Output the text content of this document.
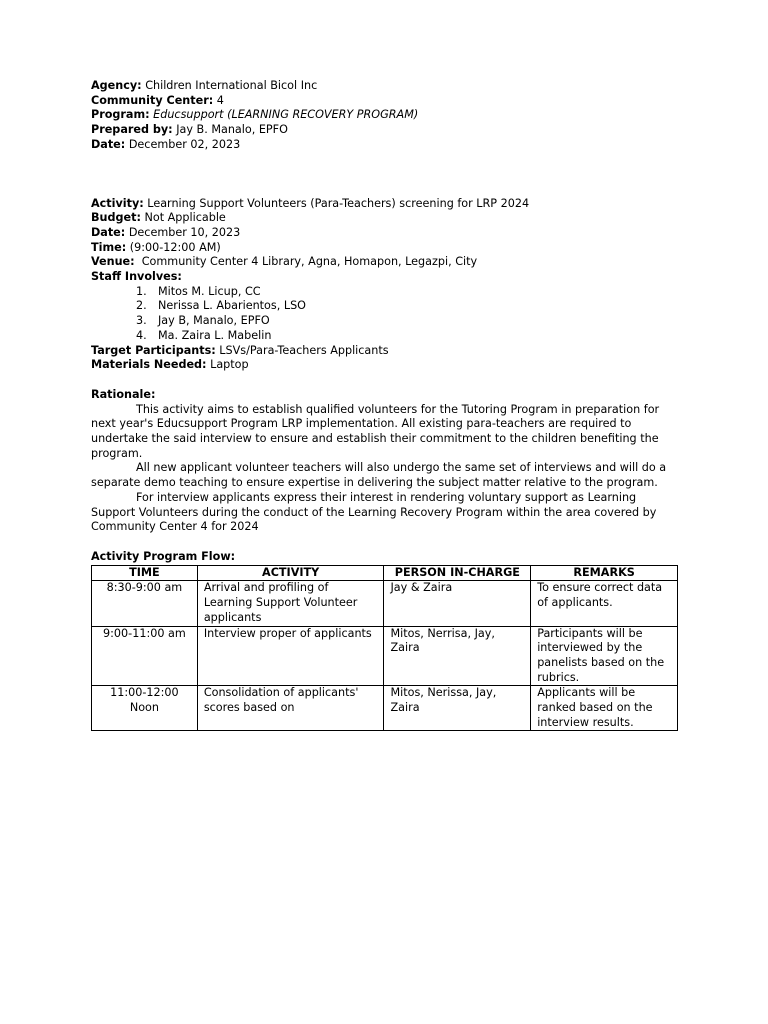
Agency: Children International Bicol Inc
Community Center: 4
Program: Educsupport (LEARNING RECOVERY PROGRAM)
Prepared by: Jay B. Manalo, EPFO
Date: December 02, 2023
Activity: Learning Support Volunteers (Para-Teachers) screening for LRP 2024
Budget: Not Applicable
Date: December 10, 2023
Time: (9:00-12:00 AM)
Venue: Community Center 4 Library, Agna, Homapon, Legazpi, City
Staff Involves:
1. Mitos M. Licup, CC
2. Nerissa L. Abarientos, LSO
3. Jay B, Manalo, EPFO
4. Ma. Zaira L. Mabelin
Target Participants: LSVs/Para-Teachers Applicants
Materials Needed: Laptop
Rationale:

This activity aims to establish qualified volunteers for the Tutoring Program in preparation for next year's Educsupport Program LRP implementation. All existing para-teachers are required to undertake the said interview to ensure and establish their commitment to the children benefiting the program.

All new applicant volunteer teachers will also undergo the same set of interviews and will do a separate demo teaching to ensure expertise in delivering the subject matter relative to the program.

For interview applicants express their interest in rendering voluntary support as Learning Support Volunteers during the conduct of the Learning Recovery Program within the area covered by Community Center 4 for 2024

Activity Program Flow:
TIME	ACTIVITY	PERSON IN-CHARGE	REMARKS
8:30-9:00 am	Arrival and profiling of Learning Support Volunteer applicants	Jay & Zaira	To ensure correct data of applicants.
9:00-11:00 am	Interview proper of applicants	Mitos, Nerrisa, Jay, Zaira	Participants will be interviewed by the panelists based on the rubrics.
11:00-12:00 Noon	Consolidation of applicants' scores based on	Mitos, Nerissa, Jay, Zaira	Applicants will be ranked based on the interview results.
